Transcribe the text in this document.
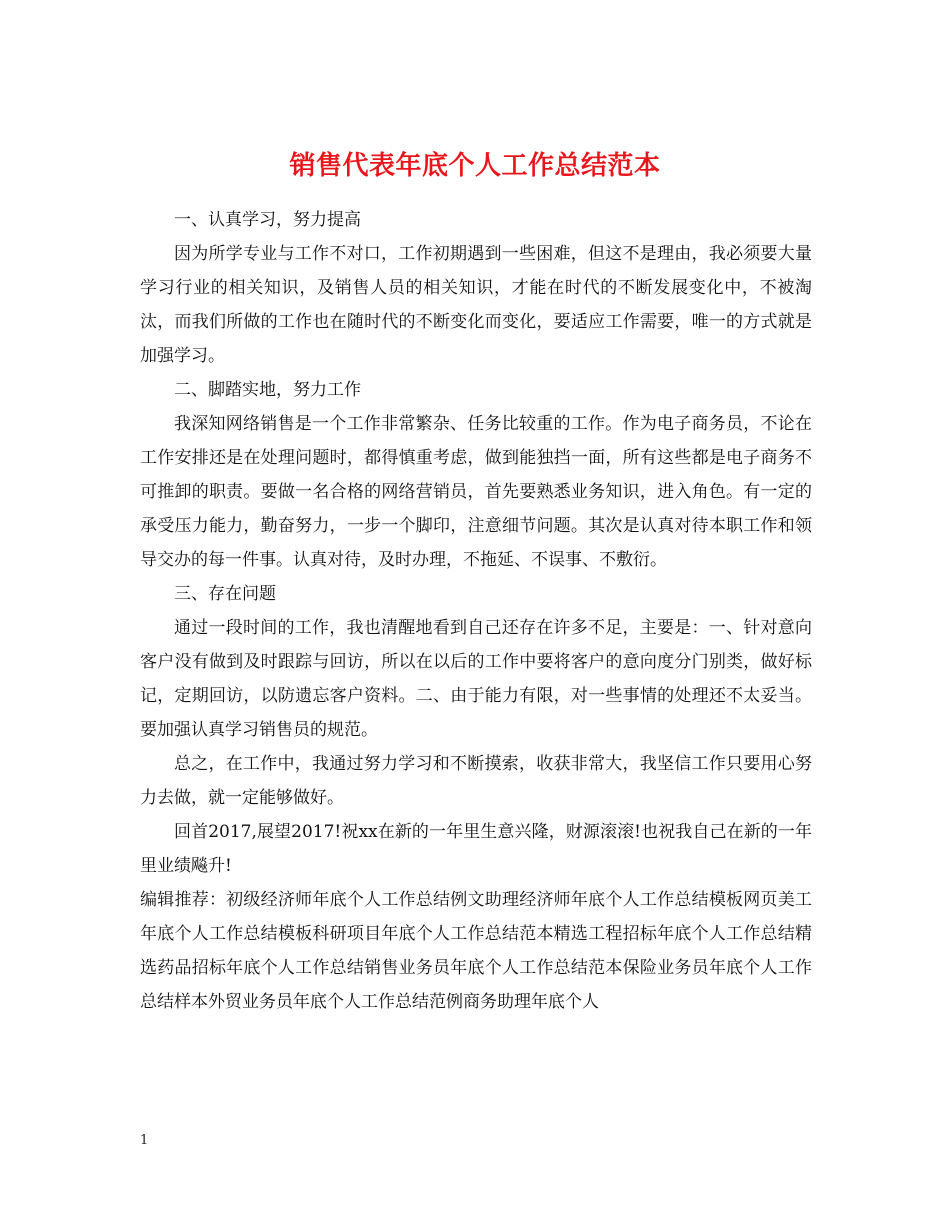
销售代表年底个人工作总结范本

一、认真学习，努力提高

因为所学专业与工作不对口，工作初期遇到一些困难，但这不是理由，我必须要大量学习行业的相关知识，及销售人员的相关知识，才能在时代的不断发展变化中，不被淘汰，而我们所做的工作也在随时代的不断变化而变化，要适应工作需要，唯一的方式就是加强学习。

二、脚踏实地，努力工作

我深知网络销售是一个工作非常繁杂、任务比较重的工作。作为电子商务员，不论在工作安排还是在处理问题时，都得慎重考虑，做到能独挡一面，所有这些都是电子商务不可推卸的职责。要做一名合格的网络营销员，首先要熟悉业务知识，进入角色。有一定的承受压力能力，勤奋努力，一步一个脚印，注意细节问题。其次是认真对待本职工作和领导交办的每一件事。认真对待，及时办理，不拖延、不误事、不敷衍。

三、存在问题

通过一段时间的工作，我也清醒地看到自己还存在许多不足，主要是：一、针对意向客户没有做到及时跟踪与回访，所以在以后的工作中要将客户的意向度分门别类，做好标记，定期回访，以防遗忘客户资料。二、由于能力有限，对一些事情的处理还不太妥当。要加强认真学习销售员的规范。

总之，在工作中，我通过努力学习和不断摸索，收获非常大，我坚信工作只要用心努力去做，就一定能够做好。

回首2017,展望2017!祝xx在新的一年里生意兴隆，财源滚滚!也祝我自己在新的一年里业绩飚升!

编辑推荐：初级经济师年底个人工作总结例文助理经济师年底个人工作总结模板网页美工年底个人工作总结模板科研项目年底个人工作总结范本精选工程招标年底个人工作总结精选药品招标年底个人工作总结销售业务员年底个人工作总结范本保险业务员年底个人工作总结样本外贸业务员年底个人工作总结范例商务助理年底个人

1
